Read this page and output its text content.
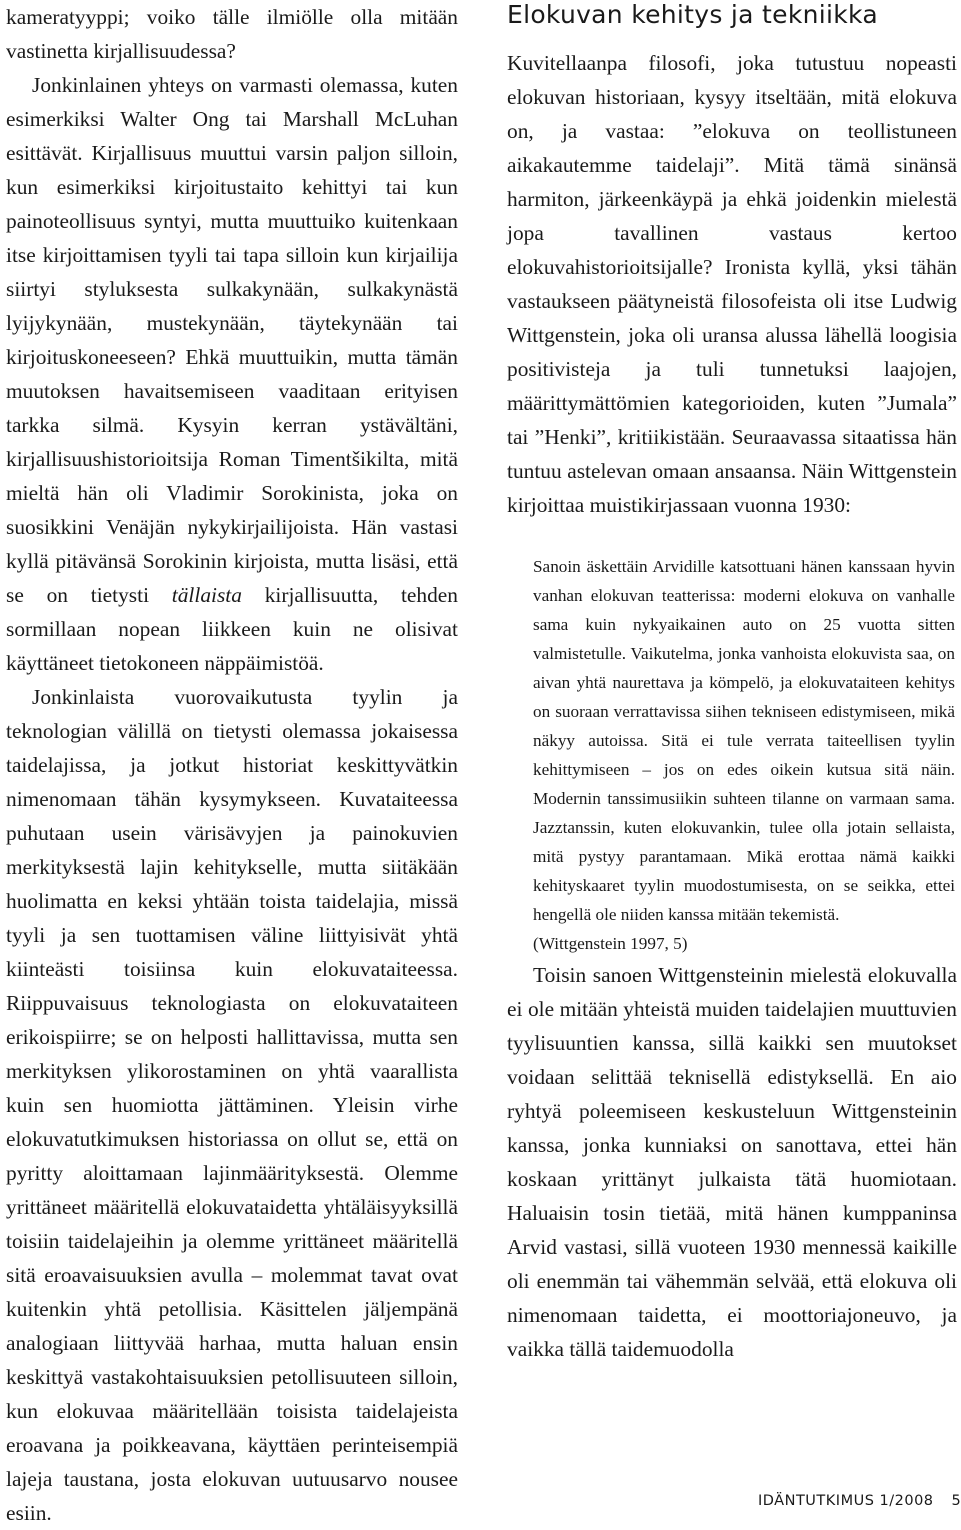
kameratyyppi; voiko tälle ilmiölle olla mitään vastinetta kirjallisuudessa?

Jonkinlainen yhteys on varmasti olemassa, kuten esimerkiksi Walter Ong tai Marshall McLuhan esittävät. Kirjallisuus muuttui varsin paljon silloin, kun esimerkiksi kirjoitustaito kehittyi tai kun painoteollisuus syntyi, mutta muuttuiko kuitenkaan itse kirjoittamisen tyyli tai tapa silloin kun kirjailija siirtyi styluksesta sulkakynään, sulkakynästä lyijykynään, mustekynään, täytekynään tai kirjoituskoneeseen? Ehkä muuttuikin, mutta tämän muutoksen havaitsemiseen vaaditaan erityisen tarkka silmä. Kysyin kerran ystävältäni, kirjallisuushistorioitsija Roman Timentšikilta, mitä mieltä hän oli Vladimir Sorokinista, joka on suosikkini Venäjän nykykirjailijoista. Hän vastasi kyllä pitävänsä Sorokinin kirjoista, mutta lisäsi, että se on tietysti tällaista kirjallisuutta, tehden sormillaan nopean liikkeen kuin ne olisivat käyttäneet tietokoneen näppäimistöä.

Jonkinlaista vuorovaikutusta tyylin ja teknologian välillä on tietysti olemassa jokaisessa taidelajissa, ja jotkut historiat keskittyvätkin nimenomaan tähän kysymykseen. Kuvataiteessa puhutaan usein värisävyjen ja painokuvien merkityksestä lajin kehitykselle, mutta siitäkään huolimatta en keksi yhtään toista taidelajia, missä tyyli ja sen tuottamisen väline liittyisivät yhtä kiinteästi toisiinsa kuin elokuvataiteessa. Riippuvaisuus teknologiasta on elokuvataiteen erikoispiirre; se on helposti hallittavissa, mutta sen merkityksen ylikorostaminen on yhtä vaarallista kuin sen huomiotta jättäminen. Yleisin virhe elokuvatutkimuksen historiassa on ollut se, että on pyritty aloittamaan lajinmäärityksestä. Olemme yrittäneet määritellä elokuvataidetta yhtäläisyyksillä toisiin taidelajeihin ja olemme yrittäneet määritellä sitä eroavaisuuksien avulla – molemmat tavat ovat kuitenkin yhtä petollisia. Käsittelen jäljempänä analogiaan liittyvää harhaa, mutta haluan ensin keskittyä vastakohtaisuuksien petollisuuteen silloin, kun elokuvaa määritellään toisista taidelajeista eroavana ja poikkeavana, käyttäen perinteisempiä lajeja taustana, josta elokuvan uutuusarvo nousee esiin.

Elokuvan kehitys ja tekniikka

Kuvitellaanpa filosofi, joka tutustuu nopeasti elokuvan historiaan, kysyy itseltään, mitä elokuva on, ja vastaa: ”elokuva on teollistuneen aikakautemme taidelaji”. Mitä tämä sinänsä harmiton, järkeenkäypä ja ehkä joidenkin mielestä jopa tavallinen vastaus kertoo elokuvahistorioitsijalle? Ironista kyllä, yksi tähän vastaukseen päätyneistä filosofeista oli itse Ludwig Wittgenstein, joka oli uransa alussa lähellä loogisia positivisteja ja tuli tunnetuksi laajojen, määrittymättömien kategorioiden, kuten ”Jumala” tai ”Henki”, kritiikistään. Seuraavassa sitaatissa hän tuntuu astelevan omaan ansaansa. Näin Wittgenstein kirjoittaa muistikirjassaan vuonna 1930:

Sanoin äskettäin Arvidille katsottuani hänen kanssaan hyvin vanhan elokuvan teatterissa: moderni elokuva on vanhalle sama kuin nykyaikainen auto on 25 vuotta sitten valmistetulle. Vaikutelma, jonka vanhoista elokuvista saa, on aivan yhtä naurettava ja kömpelö, ja elokuvataiteen kehitys on suoraan verrattavissa siihen tekniseen edistymiseen, mikä näkyy autoissa. Sitä ei tule verrata taiteellisen tyylin kehittymiseen – jos on edes oikein kutsua sitä näin. Modernin tanssimusiikin suhteen tilanne on varmaan sama. Jazztanssin, kuten elokuvankin, tulee olla jotain sellaista, mitä pystyy parantamaan. Mikä erottaa nämä kaikki kehityskaaret tyylin muodostumisesta, on se seikka, ettei hengellä ole niiden kanssa mitään tekemistä.

(Wittgenstein 1997, 5)

Toisin sanoen Wittgensteinin mielestä elokuvalla ei ole mitään yhteistä muiden taidelajien muuttuvien tyylisuuntien kanssa, sillä kaikki sen muutokset voidaan selittää teknisellä edistyksellä. En aio ryhtyä poleemiseen keskusteluun Wittgensteinin kanssa, jonka kunniaksi on sanottava, ettei hän koskaan yrittänyt julkaista tätä huomiotaan. Haluaisin tosin tietää, mitä hänen kumppaninsa Arvid vastasi, sillä vuoteen 1930 mennessä kaikille oli enemmän tai vähemmän selvää, että elokuva oli nimenomaan taidetta, ei moottoriajoneuvo, ja vaikka tällä taidemuodolla

IDÄNTUTKIMUS 1/2008 5
